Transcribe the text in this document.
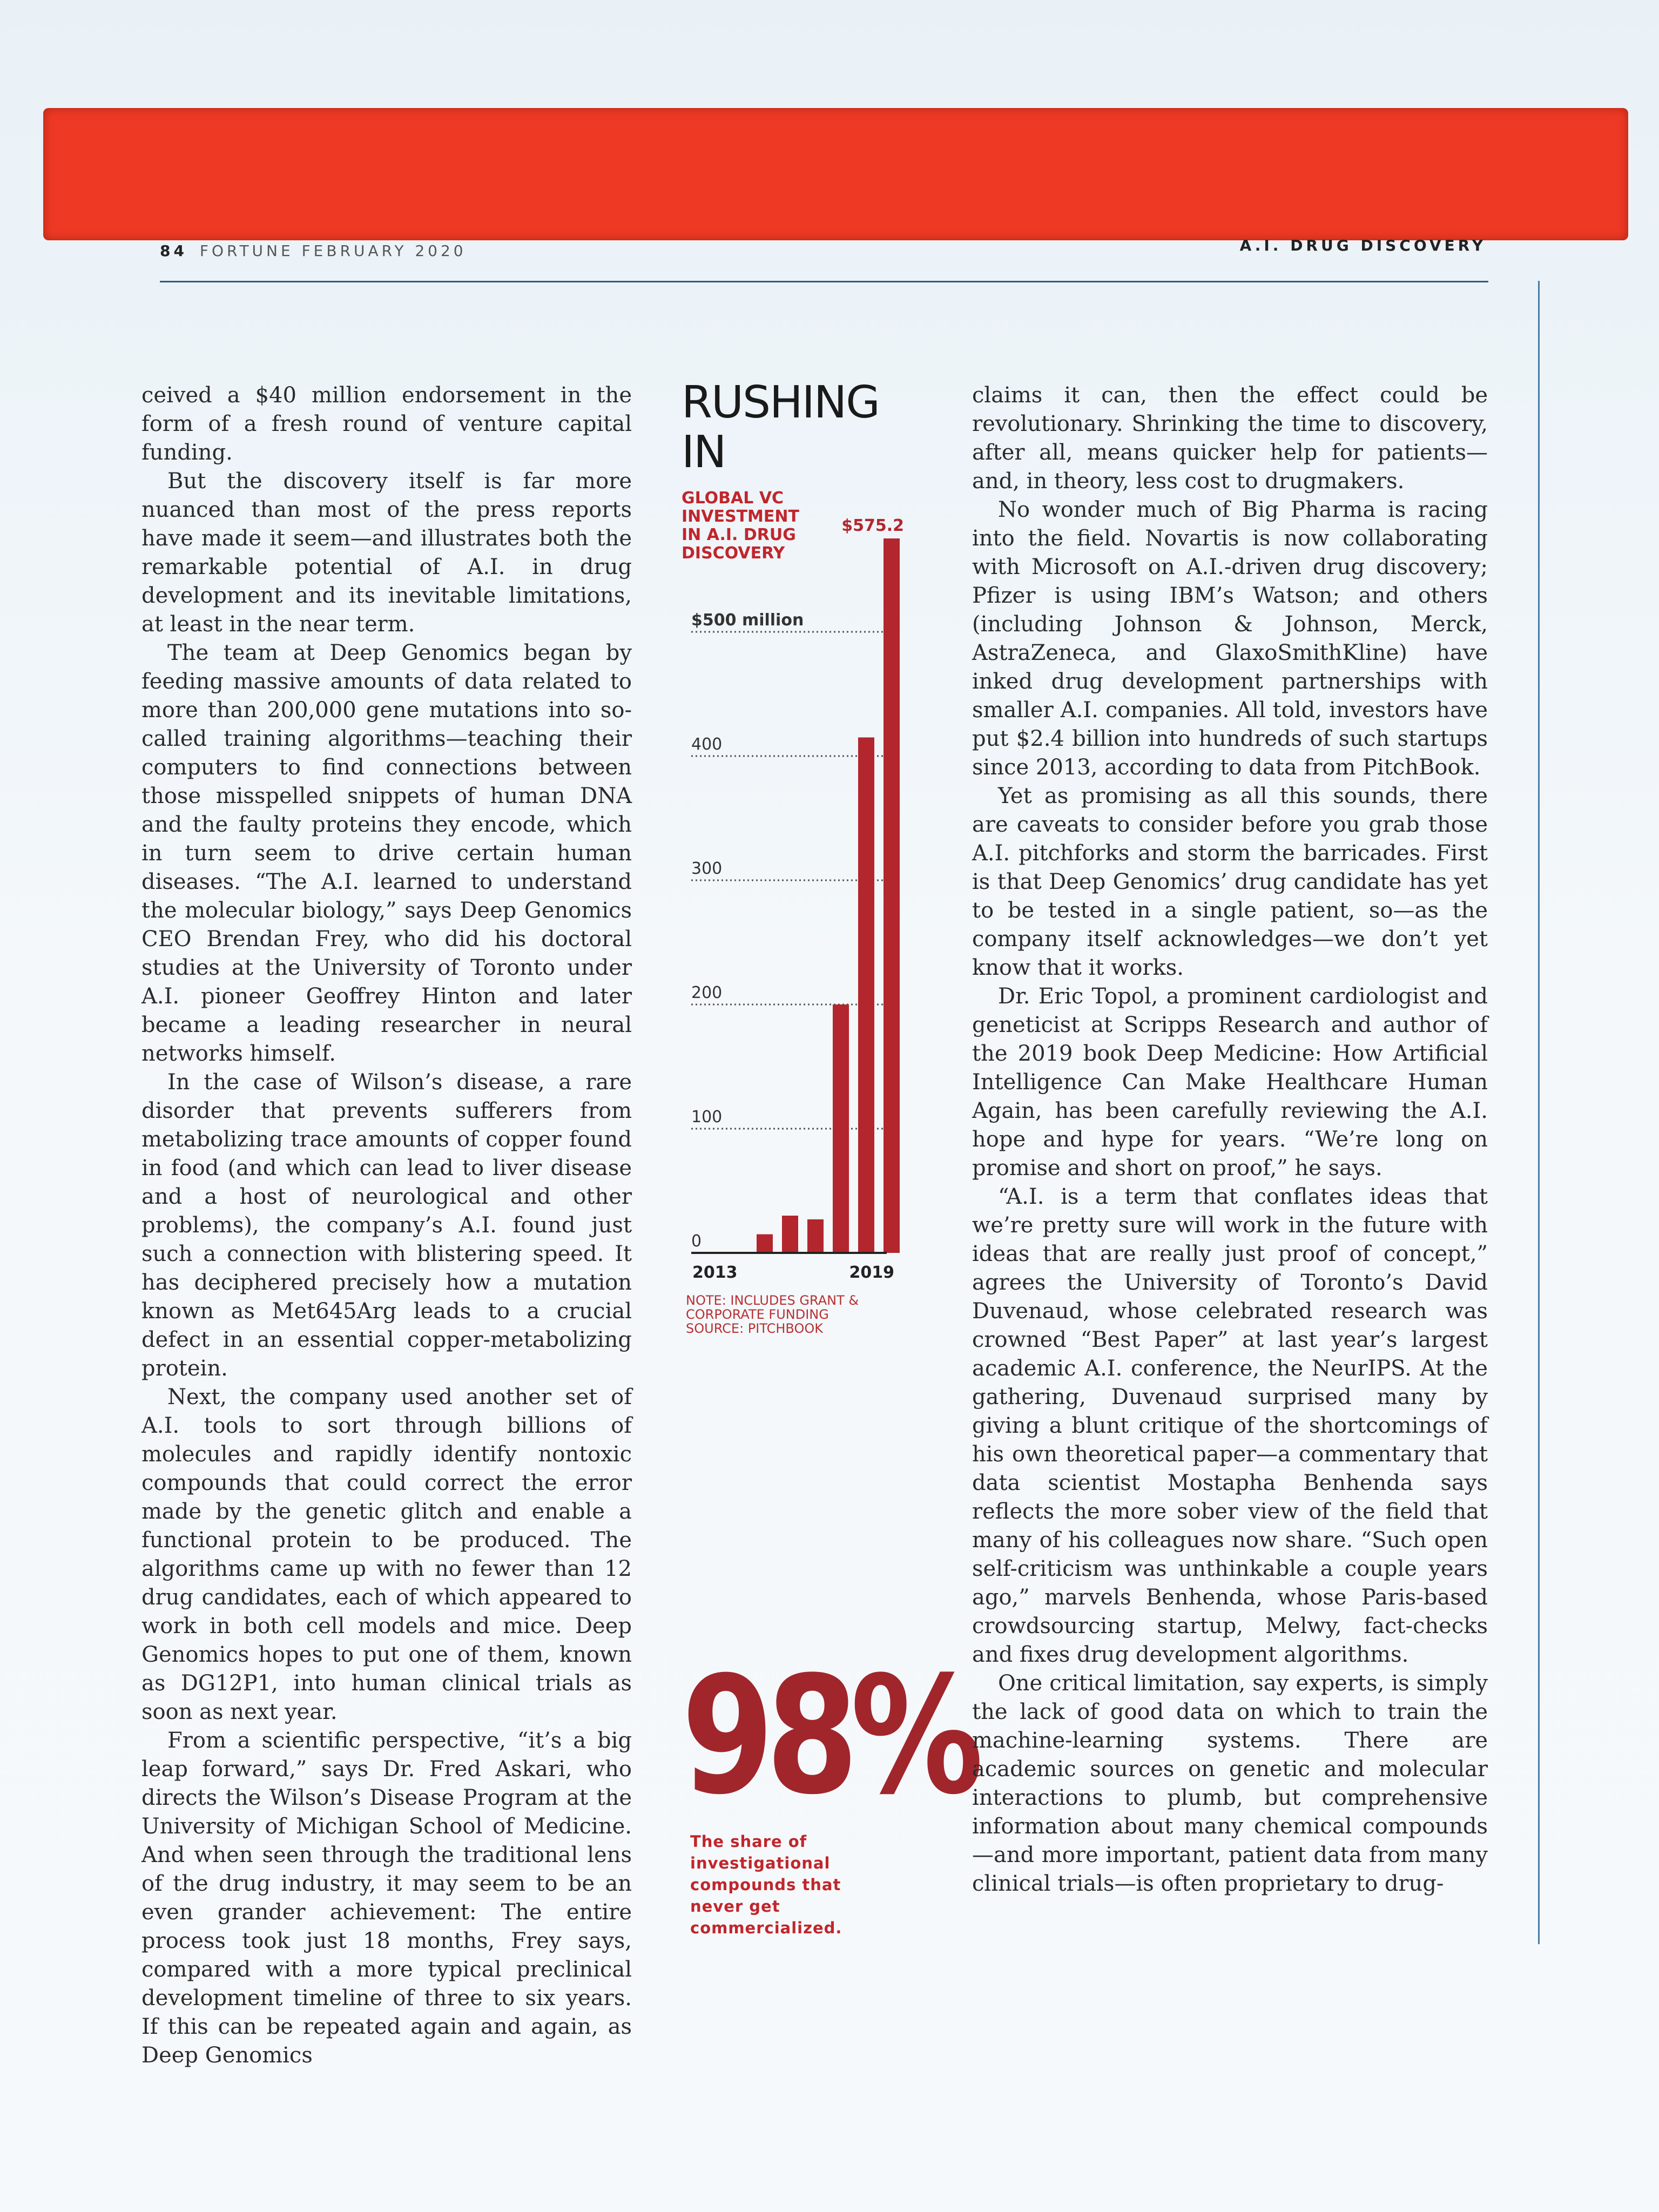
84 FORTUNE FEBRUARY 2020	A.I. DRUG DISCOVERY

ceived a $40 million endorsement in the form of a fresh round of venture capital funding.

But the discovery itself is far more nuanced than most of the press reports have made it seem—and illustrates both the remarkable potential of A.I. in drug development and its inevitable limitations, at least in the near term.

The team at Deep Genomics began by feeding massive amounts of data related to more than 200,000 gene mutations into so-called training algorithms—teaching their computers to find connections between those misspelled snippets of human DNA and the faulty proteins they encode, which in turn seem to drive certain human diseases. “The A.I. learned to understand the molecular biology,” says Deep Genomics CEO Brendan Frey, who did his doctoral studies at the University of Toronto under A.I. pioneer Geoffrey Hinton and later became a leading researcher in neural networks himself.

In the case of Wilson’s disease, a rare disorder that prevents sufferers from metabolizing trace amounts of copper found in food (and which can lead to liver disease and a host of neurological and other problems), the company’s A.I. found just such a connection with blistering speed. It has deciphered precisely how a mutation known as Met645Arg leads to a crucial defect in an essential copper-metabolizing protein.

Next, the company used another set of A.I. tools to sort through billions of molecules and rapidly identify nontoxic compounds that could correct the error made by the genetic glitch and enable a functional protein to be produced. The algorithms came up with no fewer than 12 drug candidates, each of which appeared to work in both cell models and mice. Deep Genomics hopes to put one of them, known as DG12P1, into human clinical trials as soon as next year.

From a scientific perspective, “it’s a big leap forward,” says Dr. Fred Askari, who directs the Wilson’s Disease Program at the University of Michigan School of Medicine. And when seen through the traditional lens of the drug industry, it may seem to be an even grander achievement: The entire process took just 18 months, Frey says, compared with a more typical preclinical development timeline of three to six years. If this can be repeated again and again, as Deep Genomics

RUSHING IN
GLOBAL VC INVESTMENT IN A.I. DRUG DISCOVERY
0
100
200
300
400
$500 million
$575.2
2013	2019
NOTE: INCLUDES GRANT & CORPORATE FUNDING SOURCE: PITCHBOOK
98%
The share of investigational compounds that never get commercialized.

claims it can, then the effect could be revolutionary. Shrinking the time to discovery, after all, means quicker help for patients—and, in theory, less cost to drugmakers.

No wonder much of Big Pharma is racing into the field. Novartis is now collaborating with Microsoft on A.I.-driven drug discovery; Pfizer is using IBM’s Watson; and others (including Johnson & Johnson, Merck, AstraZeneca, and GlaxoSmithKline) have inked drug development partnerships with smaller A.I. companies. All told, investors have put $2.4 billion into hundreds of such startups since 2013, according to data from PitchBook.

Yet as promising as all this sounds, there are caveats to consider before you grab those A.I. pitchforks and storm the barricades. First is that Deep Genomics’ drug candidate has yet to be tested in a single patient, so—as the company itself acknowledges—we don’t yet know that it works.

Dr. Eric Topol, a prominent cardiologist and geneticist at Scripps Research and author of the 2019 book Deep Medicine: How Artificial Intelligence Can Make Healthcare Human Again, has been carefully reviewing the A.I. hope and hype for years. “We’re long on promise and short on proof,” he says.

“A.I. is a term that conflates ideas that we’re pretty sure will work in the future with ideas that are really just proof of concept,” agrees the University of Toronto’s David Duvenaud, whose celebrated research was crowned “Best Paper” at last year’s largest academic A.I. conference, the NeurIPS. At the gathering, Duvenaud surprised many by giving a blunt critique of the shortcomings of his own theoretical paper—a commentary that data scientist Mostapha Benhenda says reflects the more sober view of the field that many of his colleagues now share. “Such open self-criticism was unthinkable a couple years ago,” marvels Benhenda, whose Paris-based crowdsourcing startup, Melwy, fact-checks and fixes drug development algorithms.

One critical limitation, say experts, is simply the lack of good data on which to train the machine-learning systems. There are academic sources on genetic and molecular interactions to plumb, but comprehensive information about many chemical compounds—and more important, patient data from many clinical trials—is often proprietary to drug-
